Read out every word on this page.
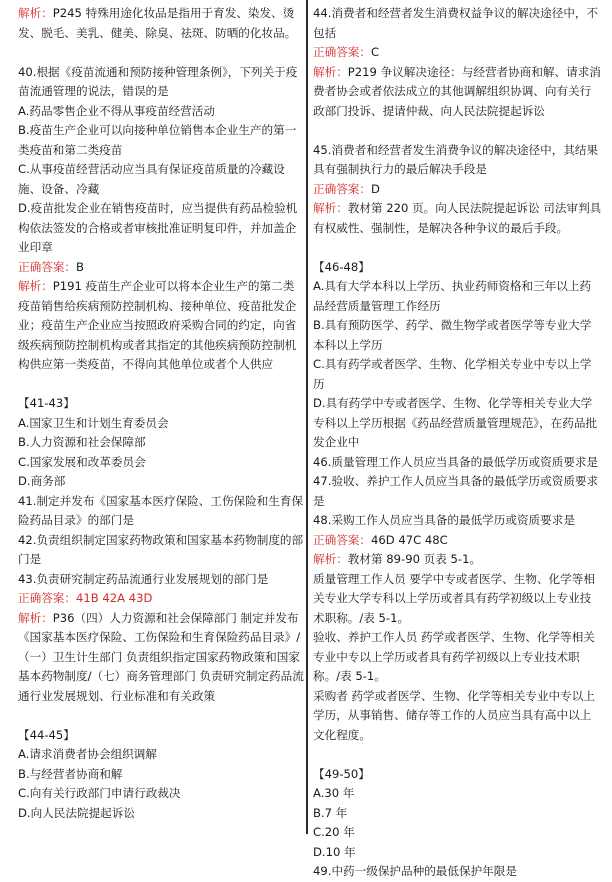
解析：P245 特殊用途化妆品是指用于育发、染发、烫发、脱毛、美乳、健美、除臭、祛斑、防晒的化妆品。

40.根据《疫苗流通和预防接种管理条例》，下列关于疫苗流通管理的说法，错误的是

A.药品零售企业不得从事疫苗经营活动

B.疫苗生产企业可以向接种单位销售本企业生产的第一类疫苗和第二类疫苗

C.从事疫苗经营活动应当具有保证疫苗质量的冷藏设施、设备、冷藏

D.疫苗批发企业在销售疫苗时，应当提供有药品检验机构依法签发的合格或者审核批准证明复印件，并加盖企业印章

正确答案：B

解析：P191 疫苗生产企业可以将本企业生产的第二类疫苗销售给疾病预防控制机构、接种单位、疫苗批发企业；疫苗生产企业应当按照政府采购合同的约定，向省级疾病预防控制机构或者其指定的其他疾病预防控制机构供应第一类疫苗，不得向其他单位或者个人供应

【41-43】

A.国家卫生和计划生育委员会

B.人力资源和社会保障部

C.国家发展和改革委员会

D.商务部

41.制定并发布《国家基本医疗保险、工伤保险和生育保险药品目录》的部门是

42.负责组织制定国家药物政策和国家基本药物制度的部门是

43.负责研究制定药品流通行业发展规划的部门是

正确答案：41B 42A 43D

解析：P36（四）人力资源和社会保障部门 制定并发布《国家基本医疗保险、工伤保险和生育保险药品目录》/（一）卫生计生部门 负责组织指定国家药物政策和国家基本药物制度/（七）商务管理部门 负责研究制定药品流通行业发展规划、行业标准和有关政策

【44-45】

A.请求消费者协会组织调解

B.与经营者协商和解

C.向有关行政部门申请行政裁决

D.向人民法院提起诉讼

44.消费者和经营者发生消费权益争议的解决途径中，不包括

正确答案：C

解析：P219 争议解决途径：与经营者协商和解、请求消费者协会或者依法成立的其他调解组织协调、向有关行政部门投诉、提请仲裁、向人民法院提起诉讼

45.消费者和经营者发生消费争议的解决途径中，其结果具有强制执行力的最后解决手段是

正确答案：D

解析：教材第 220 页。向人民法院提起诉讼 司法审判具有权威性、强制性，是解决各种争议的最后手段。

【46-48】

A.具有大学本科以上学历、执业药师资格和三年以上药品经营质量管理工作经历

B.具有预防医学、药学、微生物学或者医学等专业大学本科以上学历

C.具有药学或者医学、生物、化学相关专业中专以上学历

D.具有药学中专或者医学、生物、化学等相关专业大学专科以上学历根据《药品经营质量管理规范》，在药品批发企业中

46.质量管理工作人员应当具备的最低学历或资质要求是

47.验收、养护工作人员应当具备的最低学历或资质要求是

48.采购工作人员应当具备的最低学历或资质要求是

正确答案：46D 47C 48C

解析：教材第 89-90 页表 5-1。

质量管理工作人员 要学中专或者医学、生物、化学等相关专业大学专科以上学历或者具有药学初级以上专业技术职称。/表 5-1。

验收、养护工作人员 药学或者医学、生物、化学等相关专业中专以上学历或者具有药学初级以上专业技术职称。/表 5-1。

采购者 药学或者医学、生物、化学等相关专业中专以上学历，从事销售、储存等工作的人员应当具有高中以上文化程度。

【49-50】

A.30 年

B.7 年

C.20 年

D.10 年

49.中药一级保护品种的最低保护年限是
